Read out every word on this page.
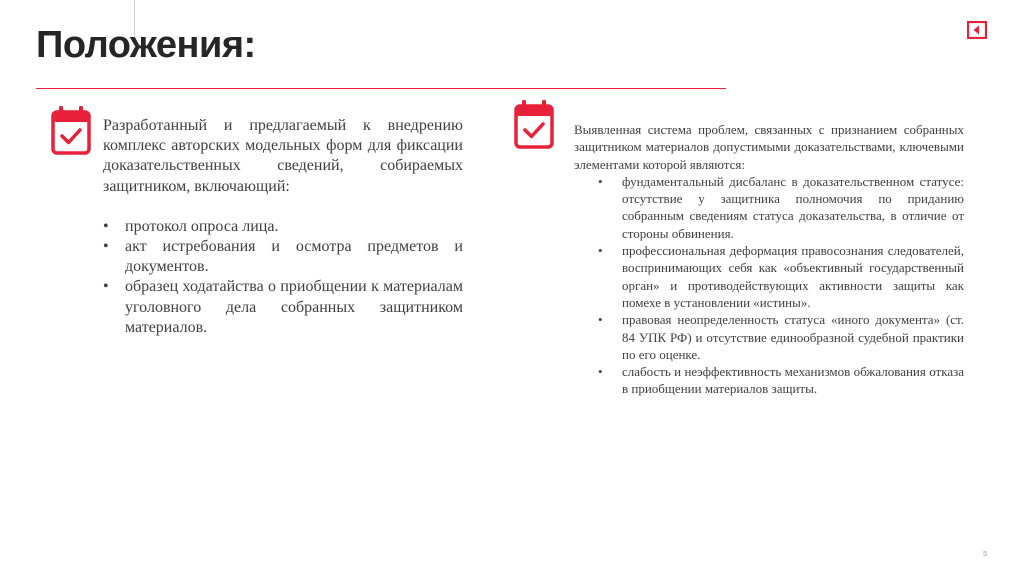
Положения:

Разработанный и предлагаемый к внедрению комплекс авторских модельных форм для фиксации доказательственных сведений, собираемых защитником, включающий:

• протокол опроса лица.
• акт истребования и осмотра предметов и документов.
• образец ходатайства о приобщении к материалам уголовного дела собранных защитником материалов.

Выявленная система проблем, связанных с признанием собранных защитником материалов допустимыми доказательствами, ключевыми элементами которой являются:

• фундаментальный дисбаланс в доказательственном статусе: отсутствие у защитника полномочия по приданию собранным сведениям статуса доказательства, в отличие от стороны обвинения.
• профессиональная деформация правосознания следователей, воспринимающих себя как «объективный государственный орган» и противодействующих активности защиты как помехе в установлении «истины».
• правовая неопределенность статуса «иного документа» (ст. 84 УПК РФ) и отсутствие единообразной судебной практики по его оценке.
• слабость и неэффективность механизмов обжалования отказа в приобщении материалов защиты.
5
